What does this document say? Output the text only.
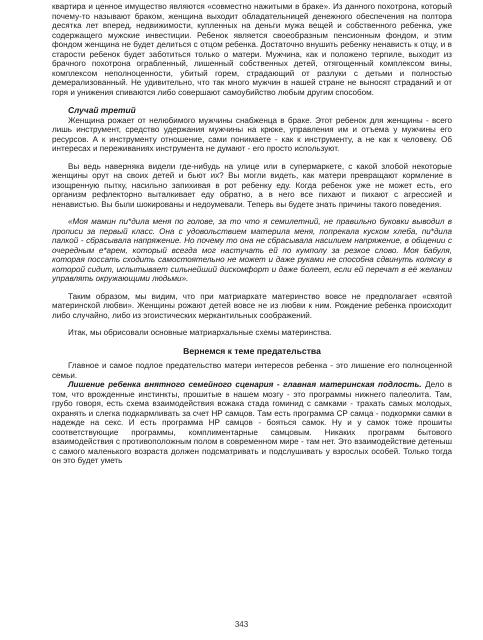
квартира и ценное имущество являются «совместно нажитыми в браке». Из данного похотрона, который почему-то называют браком, женщина выходит обладательницей денежного обеспечения на полтора десятка лет вперед, недвижимости, купленных на деньги мужа вещей и собственного ребенка, уже содержащего мужские инвестиции. Ребенок является своеобразным пенсионным фондом, и этим фондом женщина не будет делиться с отцом ребенка. Достаточно внушить ребенку ненависть к отцу, и в старости ребенок будет заботиться только о матери. Мужчина, как и положено терпиле, выходит из брачного похотрона ограбленный, лишенный собственных детей, отягощенный комплексом вины, комплексом неполноценности, убитый горем, страдающий от разлуки с детьми и полностью демерализованный. Не удивительно, что так много мужчин в нашей стране не выносят страданий и от горя и унижения спиваются либо совершают самоубийство любым другим способом.

Случай третий

Женщина рожает от нелюбимого мужчины снабженца в браке. Этот ребенок для женщины - всего лишь инструмент, средство удержания мужчины на крюке, управления им и отъема у мужчины его ресурсов. А к инструменту отношение, сами понимаете - как к инструменту, а не как к человеку. Об интересах и переживаниях инструмента не думают - его просто используют.

Вы ведь наверняка видели где-нибудь на улице или в супермаркете, с какой злобой некоторые женщины орут на своих детей и бьют их? Вы могли видеть, как матери превращают кормление в изощренную пытку, насильно запихивая в рот ребенку еду. Когда ребенок уже не может есть, его организм рефлекторно выталкивает еду обратно, а в него все пихают и пихают с агрессией и ненавистью. Вы были шокированы и недоумевали. Теперь вы будете знать причины такого поведения.

«Моя мамин пи*дила меня по голове, за то что я семилетний, не правильно буковки выводил в прописи за первый класс. Она с удовольствием материла меня, попрекала куском хлеба, пи*дила палкой - сбрасывала напряжение. Но почему то она не сбрасывала насилием напряжение, в общении с очередным е*арем, который всегда мог настучать ей по кумполу за резкое слово. Моя бабуля, которая поссать сходить самостоятельно не может и даже руками не способна сдвинуть коляску в которой сидит, испытывает сильнейший дискомфорт и даже болеет, если ей перечат в её желании управлять окружающими людьми».

Таким образом, мы видим, что при матриархате материнство вовсе не предполагает «святой материнской любви». Женщины рожают детей вовсе не из любви к ним. Рождение ребенка происходит либо случайно, либо из эгоистических меркантильных соображений.

Итак, мы обрисовали основные матриархальные схемы материнства.

Вернемся к теме предательства

Главное и самое подлое предательство матери интересов ребенка - это лишение его полноценной семьи.

Лишение ребенка внятного семейного сценария - главная материнская подлость. Дело в том, что врожденные инстинкты, прошитые в нашем мозгу - это программы нижнего палеолита. Там, грубо говоря, есть схема взаимодействия вожака стада гоминид с самками - трахать самых молодых, охранять и слегка подкармливать за счет НР самцов. Там есть программа СР самца - подкормки самки в надежде на секс. И есть программа НР самцов - бояться самок. Ну и у самок тоже прошиты соответствующие программы, комплиментарные самцовым. Никаких программ бытового взаимодействия с противоположным полом в современном мире - там нет. Это взаимодействие детеныш с самого маленького возраста должен подсматривать и подслушивать у взрослых особей. Только тогда он это будет уметь

343
